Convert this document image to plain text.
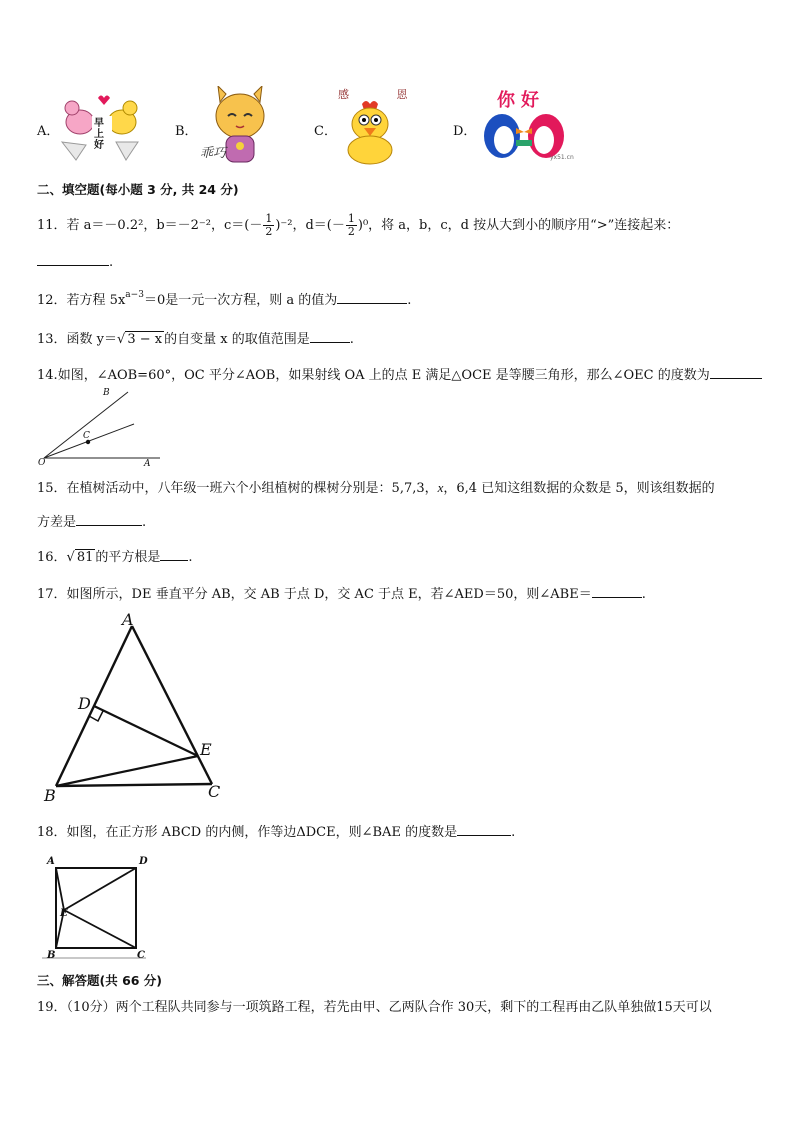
A．
早上好
B．
乖巧
C．
感 恩
D．
你好
yx51.cn
二、填空题(每小题 3 分, 共 24 分)
11．若 a＝－0.2²，b＝－2⁻²，$c=(- \frac{1}{2} )^{-2}$，$d=(- \frac{1}{2} )^0$，将 a，b，c，d 按从大到小的顺序用“>”连接起来：
.
12．若方程 $5x^{a-3}=0$是一元一次方程，则 a 的值为	.
13．函数 y＝√ 3 − x 的自变量 x 的取值范围是	.
14.如图，∠AOB=60°，OC 平分∠AOB，如果射线 OA 上的点 E 满足△OCE 是等腰三角形，那么∠OEC 的度数为
B
C
O	A
15．在植树活动中，八年级一班六个小组植树的棵树分别是：5,7,3，x，6,4 已知这组数据的众数是 5，则该组数据的
方差是	.
16．√ 81 的平方根是 .
17．如图所示，DE 垂直平分 AB，交 AB 于点 D，交 AC 于点 E，若∠AED＝50，则∠ABE＝	.
A
D
E
B	C
18．如图，在正方形 ABCD 的内侧，作等边ΔDCE，则∠BAE 的度数是	.
A	D
E
B	C
三、解答题(共 66 分)
19．（10分）两个工程队共同参与一项筑路工程，若先由甲、乙两队合作 30天，剩下的工程再由乙队单独做15天可以
